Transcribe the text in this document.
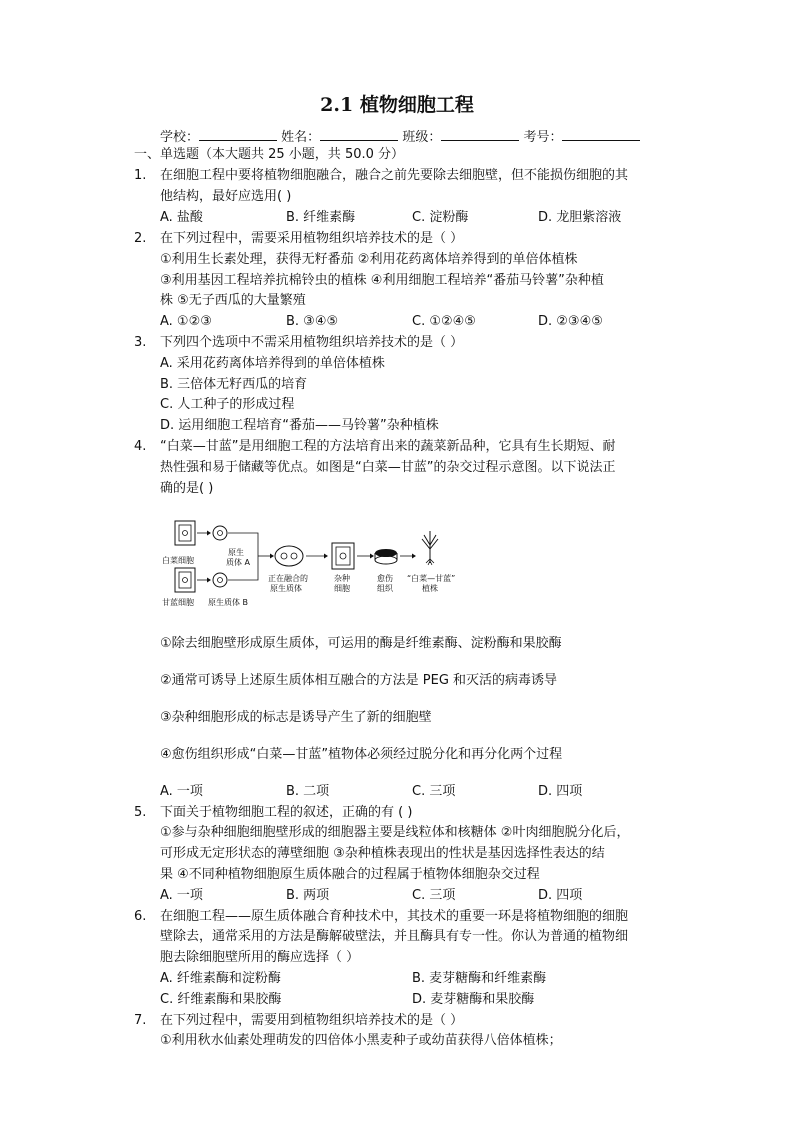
2.1 植物细胞工程
学校：	姓名：	班级：	考号：
一、单选题（本大题共 25 小题，共 50.0 分）
1. 在细胞工程中要将植物细胞融合，融合之前先要除去细胞壁，但不能损伤细胞的其
他结构，最好应选用( )
A. 盐酸	B. 纤维素酶	C. 淀粉酶	D. 龙胆紫溶液
2. 在下列过程中，需要采用植物组织培养技术的是（ ）
①利用生长素处理，获得无籽番茄 ②利用花药离体培养得到的单倍体植株
③利用基因工程培养抗棉铃虫的植株 ④利用细胞工程培养“番茄马铃薯”杂种植
株 ⑤无子西瓜的大量繁殖
A. ①②③	B. ③④⑤	C. ①②④⑤	D. ②③④⑤
3. 下列四个选项中不需采用植物组织培养技术的是（ ）
A. 采用花药离体培养得到的单倍体植株
B. 三倍体无籽西瓜的培育
C. 人工种子的形成过程
D. 运用细胞工程培育“番茄——马铃薯”杂种植株
4. “白菜—甘蓝”是用细胞工程的方法培育出来的蔬菜新品种，它具有生长期短、耐
热性强和易于储藏等优点。如图是“白菜—甘蓝”的杂交过程示意图。以下说法正
确的是( )
白菜细胞
原生
质体 A
甘蓝细胞 原生质体 B
正在融合的
原生质体
杂种
细胞
愈伤
组织
“白菜—甘蓝”
植株
①除去细胞壁形成原生质体，可运用的酶是纤维素酶、淀粉酶和果胶酶
②通常可诱导上述原生质体相互融合的方法是 PEG 和灭活的病毒诱导
③杂种细胞形成的标志是诱导产生了新的细胞壁
④愈伤组织形成“白菜—甘蓝”植物体必须经过脱分化和再分化两个过程
A. 一项	B. 二项	C. 三项	D. 四项
5. 下面关于植物细胞工程的叙述，正确的有 ( )
①参与杂种细胞细胞壁形成的细胞器主要是线粒体和核糖体 ②叶肉细胞脱分化后，
可形成无定形状态的薄壁细胞 ③杂种植株表现出的性状是基因选择性表达的结
果 ④不同种植物细胞原生质体融合的过程属于植物体细胞杂交过程
A. 一项	B. 两项	C. 三项	D. 四项
6. 在细胞工程——原生质体融合育种技术中，其技术的重要一环是将植物细胞的细胞
壁除去，通常采用的方法是酶解破壁法，并且酶具有专一性。你认为普通的植物细
胞去除细胞壁所用的酶应选择（ ）
A. 纤维素酶和淀粉酶	B. 麦芽糖酶和纤维素酶
C. 纤维素酶和果胶酶	D. 麦芽糖酶和果胶酶
7. 在下列过程中，需要用到植物组织培养技术的是（ ）
①利用秋水仙素处理萌发的四倍体小黑麦种子或幼苗获得八倍体植株；
